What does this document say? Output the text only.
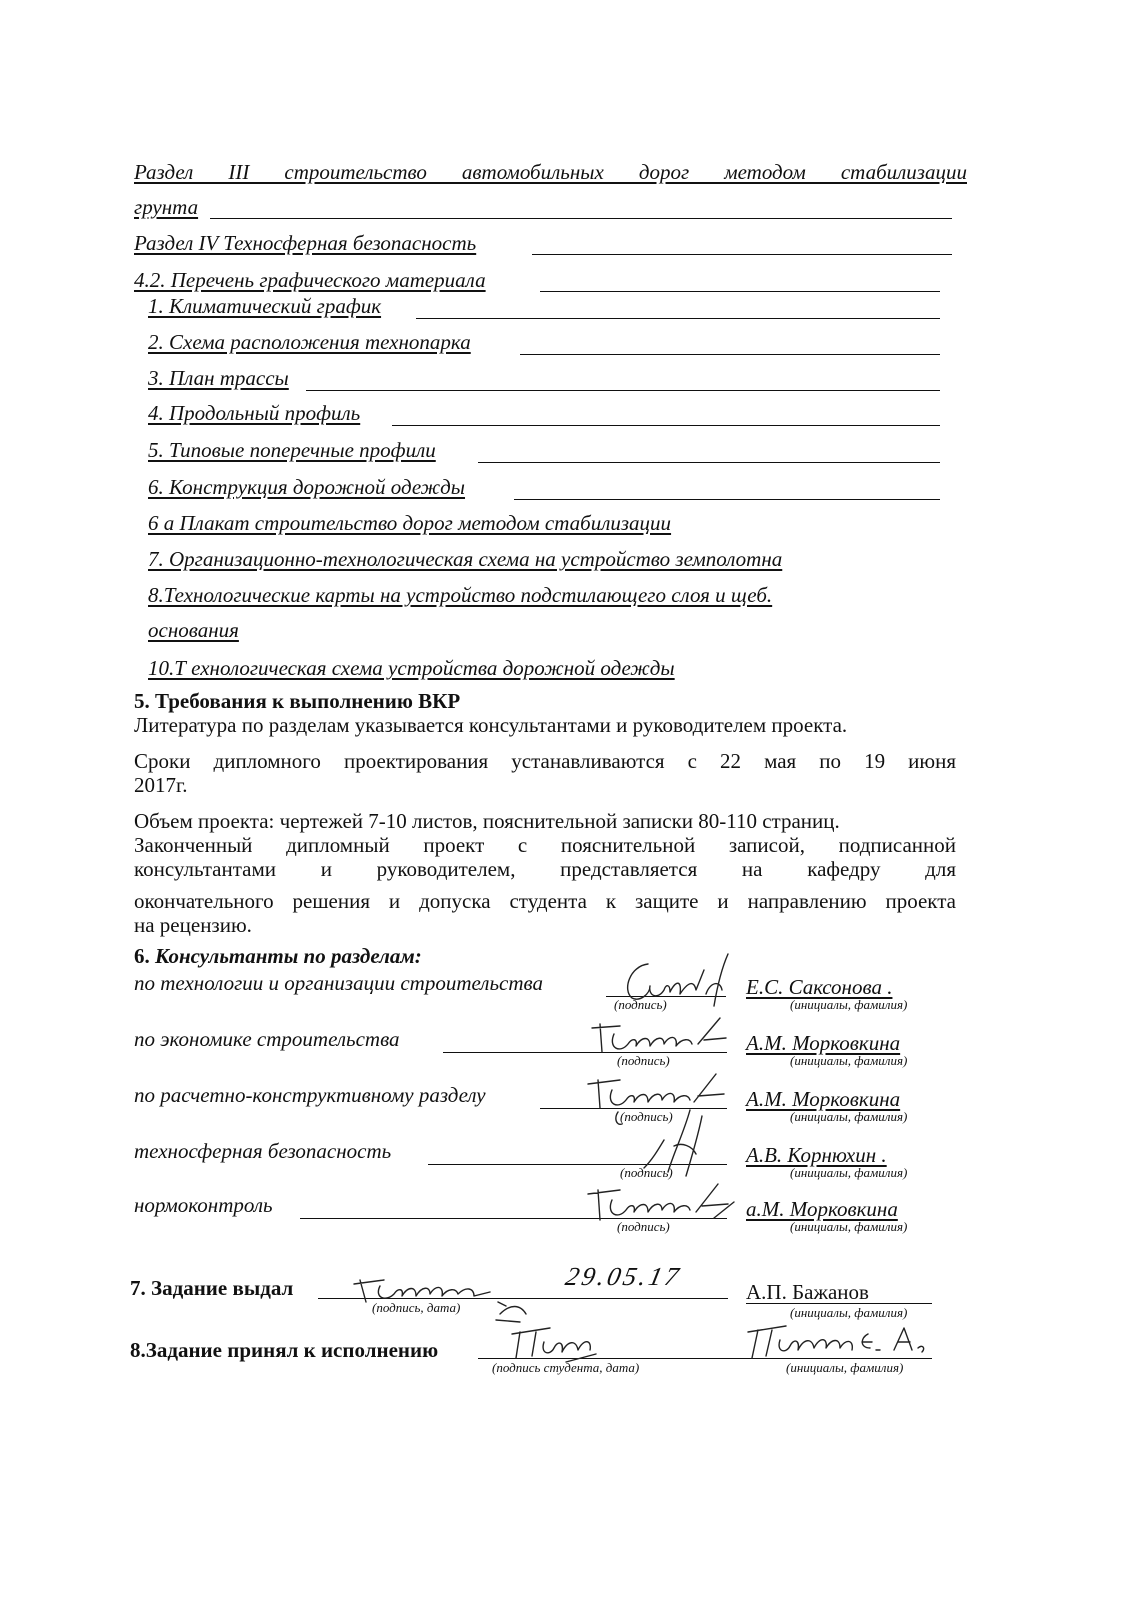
Раздел III строительство автомобильных дорог методом стабилизации
грунта
Раздел IV Техносферная безопасность
4.2. Перечень графического материала
1. Климатический график
2. Схема расположения технопарка
3. План трассы
4. Продольный профиль
5. Типовые поперечные профили
6. Конструкция дорожной одежды
6 а Плакат строительство дорог методом стабилизации
7. Организационно-технологическая схема на устройство земполотна
8.Технологические карты на устройство подстилающего слоя и щеб.
основания
10.Т ехнологическая схема устройства дорожной одежды
5. Требования к выполнению ВКР
Литература по разделам указывается консультантами и руководителем проекта.
Сроки дипломного проектирования устанавливаются с 22 мая по 19 июня
2017г.
Объем проекта: чертежей 7-10 листов, пояснительной записки 80-110 страниц.
Законченный дипломный проект с пояснительной записой, подписанной
консультантами и руководителем, представляется на кафедру для
окончательного решения и допуска студента к защите и направлению проекта
на рецензию.
6. Консультанты по разделам:
по технологии и организации строительства
(подпись)
Е.С. Саксонова .
(инициалы, фамилия)
по экономике строительства
(подпись)
А.М. Морковкина
(инициалы, фамилия)
по расчетно-конструктивному разделу
(подпись)
А.М. Морковкина
(инициалы, фамилия)
техносферная безопасность
(подпись)
А.В. Корнюхин .
(инициалы, фамилия)
нормоконтроль
(подпись)
а.М. Морковкина
(инициалы, фамилия)
7. Задание выдал
(подпись, дата)
29.05.17
А.П. Бажанов
(инициалы, фамилия)
8.Задание принял к исполнению
(подпись студента, дата)	(инициалы, фамилия)
